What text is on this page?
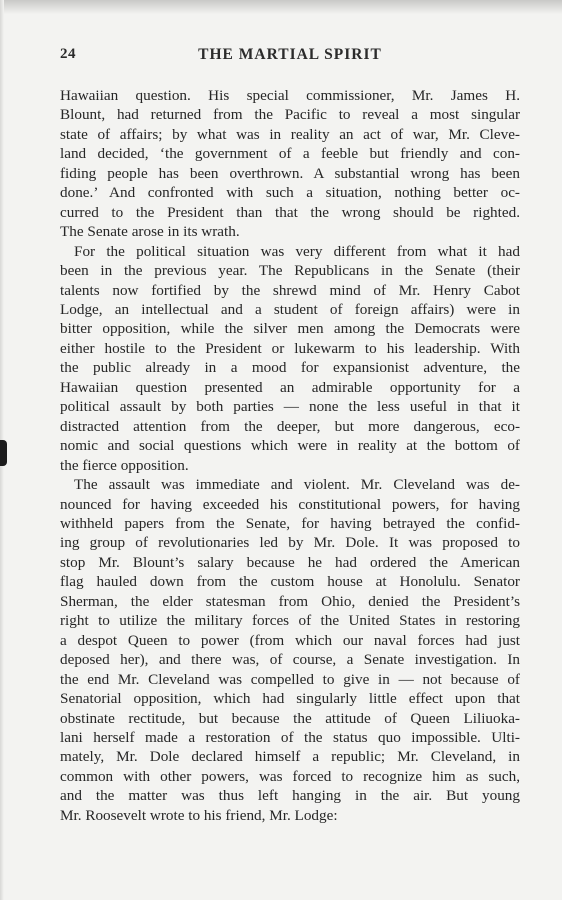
24	THE MARTIAL SPIRIT
Hawaiian question. His special commissioner, Mr. James H.
Blount, had returned from the Pacific to reveal a most singular
state of affairs; by what was in reality an act of war, Mr. Cleve-
land decided, ‘the government of a feeble but friendly and con-
fiding people has been overthrown. A substantial wrong has been
done.’ And confronted with such a situation, nothing better oc-
curred to the President than that the wrong should be righted.
The Senate arose in its wrath.
For the political situation was very different from what it had
been in the previous year. The Republicans in the Senate (their
talents now fortified by the shrewd mind of Mr. Henry Cabot
Lodge, an intellectual and a student of foreign affairs) were in
bitter opposition, while the silver men among the Democrats were
either hostile to the President or lukewarm to his leadership. With
the public already in a mood for expansionist adventure, the
Hawaiian question presented an admirable opportunity for a
political assault by both parties — none the less useful in that it
distracted attention from the deeper, but more dangerous, eco-
nomic and social questions which were in reality at the bottom of
the fierce opposition.
The assault was immediate and violent. Mr. Cleveland was de-
nounced for having exceeded his constitutional powers, for having
withheld papers from the Senate, for having betrayed the confid-
ing group of revolutionaries led by Mr. Dole. It was proposed to
stop Mr. Blount’s salary because he had ordered the American
flag hauled down from the custom house at Honolulu. Senator
Sherman, the elder statesman from Ohio, denied the President’s
right to utilize the military forces of the United States in restoring
a despot Queen to power (from which our naval forces had just
deposed her), and there was, of course, a Senate investigation. In
the end Mr. Cleveland was compelled to give in — not because of
Senatorial opposition, which had singularly little effect upon that
obstinate rectitude, but because the attitude of Queen Liliuoka-
lani herself made a restoration of the status quo impossible. Ulti-
mately, Mr. Dole declared himself a republic; Mr. Cleveland, in
common with other powers, was forced to recognize him as such,
and the matter was thus left hanging in the air. But young
Mr. Roosevelt wrote to his friend, Mr. Lodge:
